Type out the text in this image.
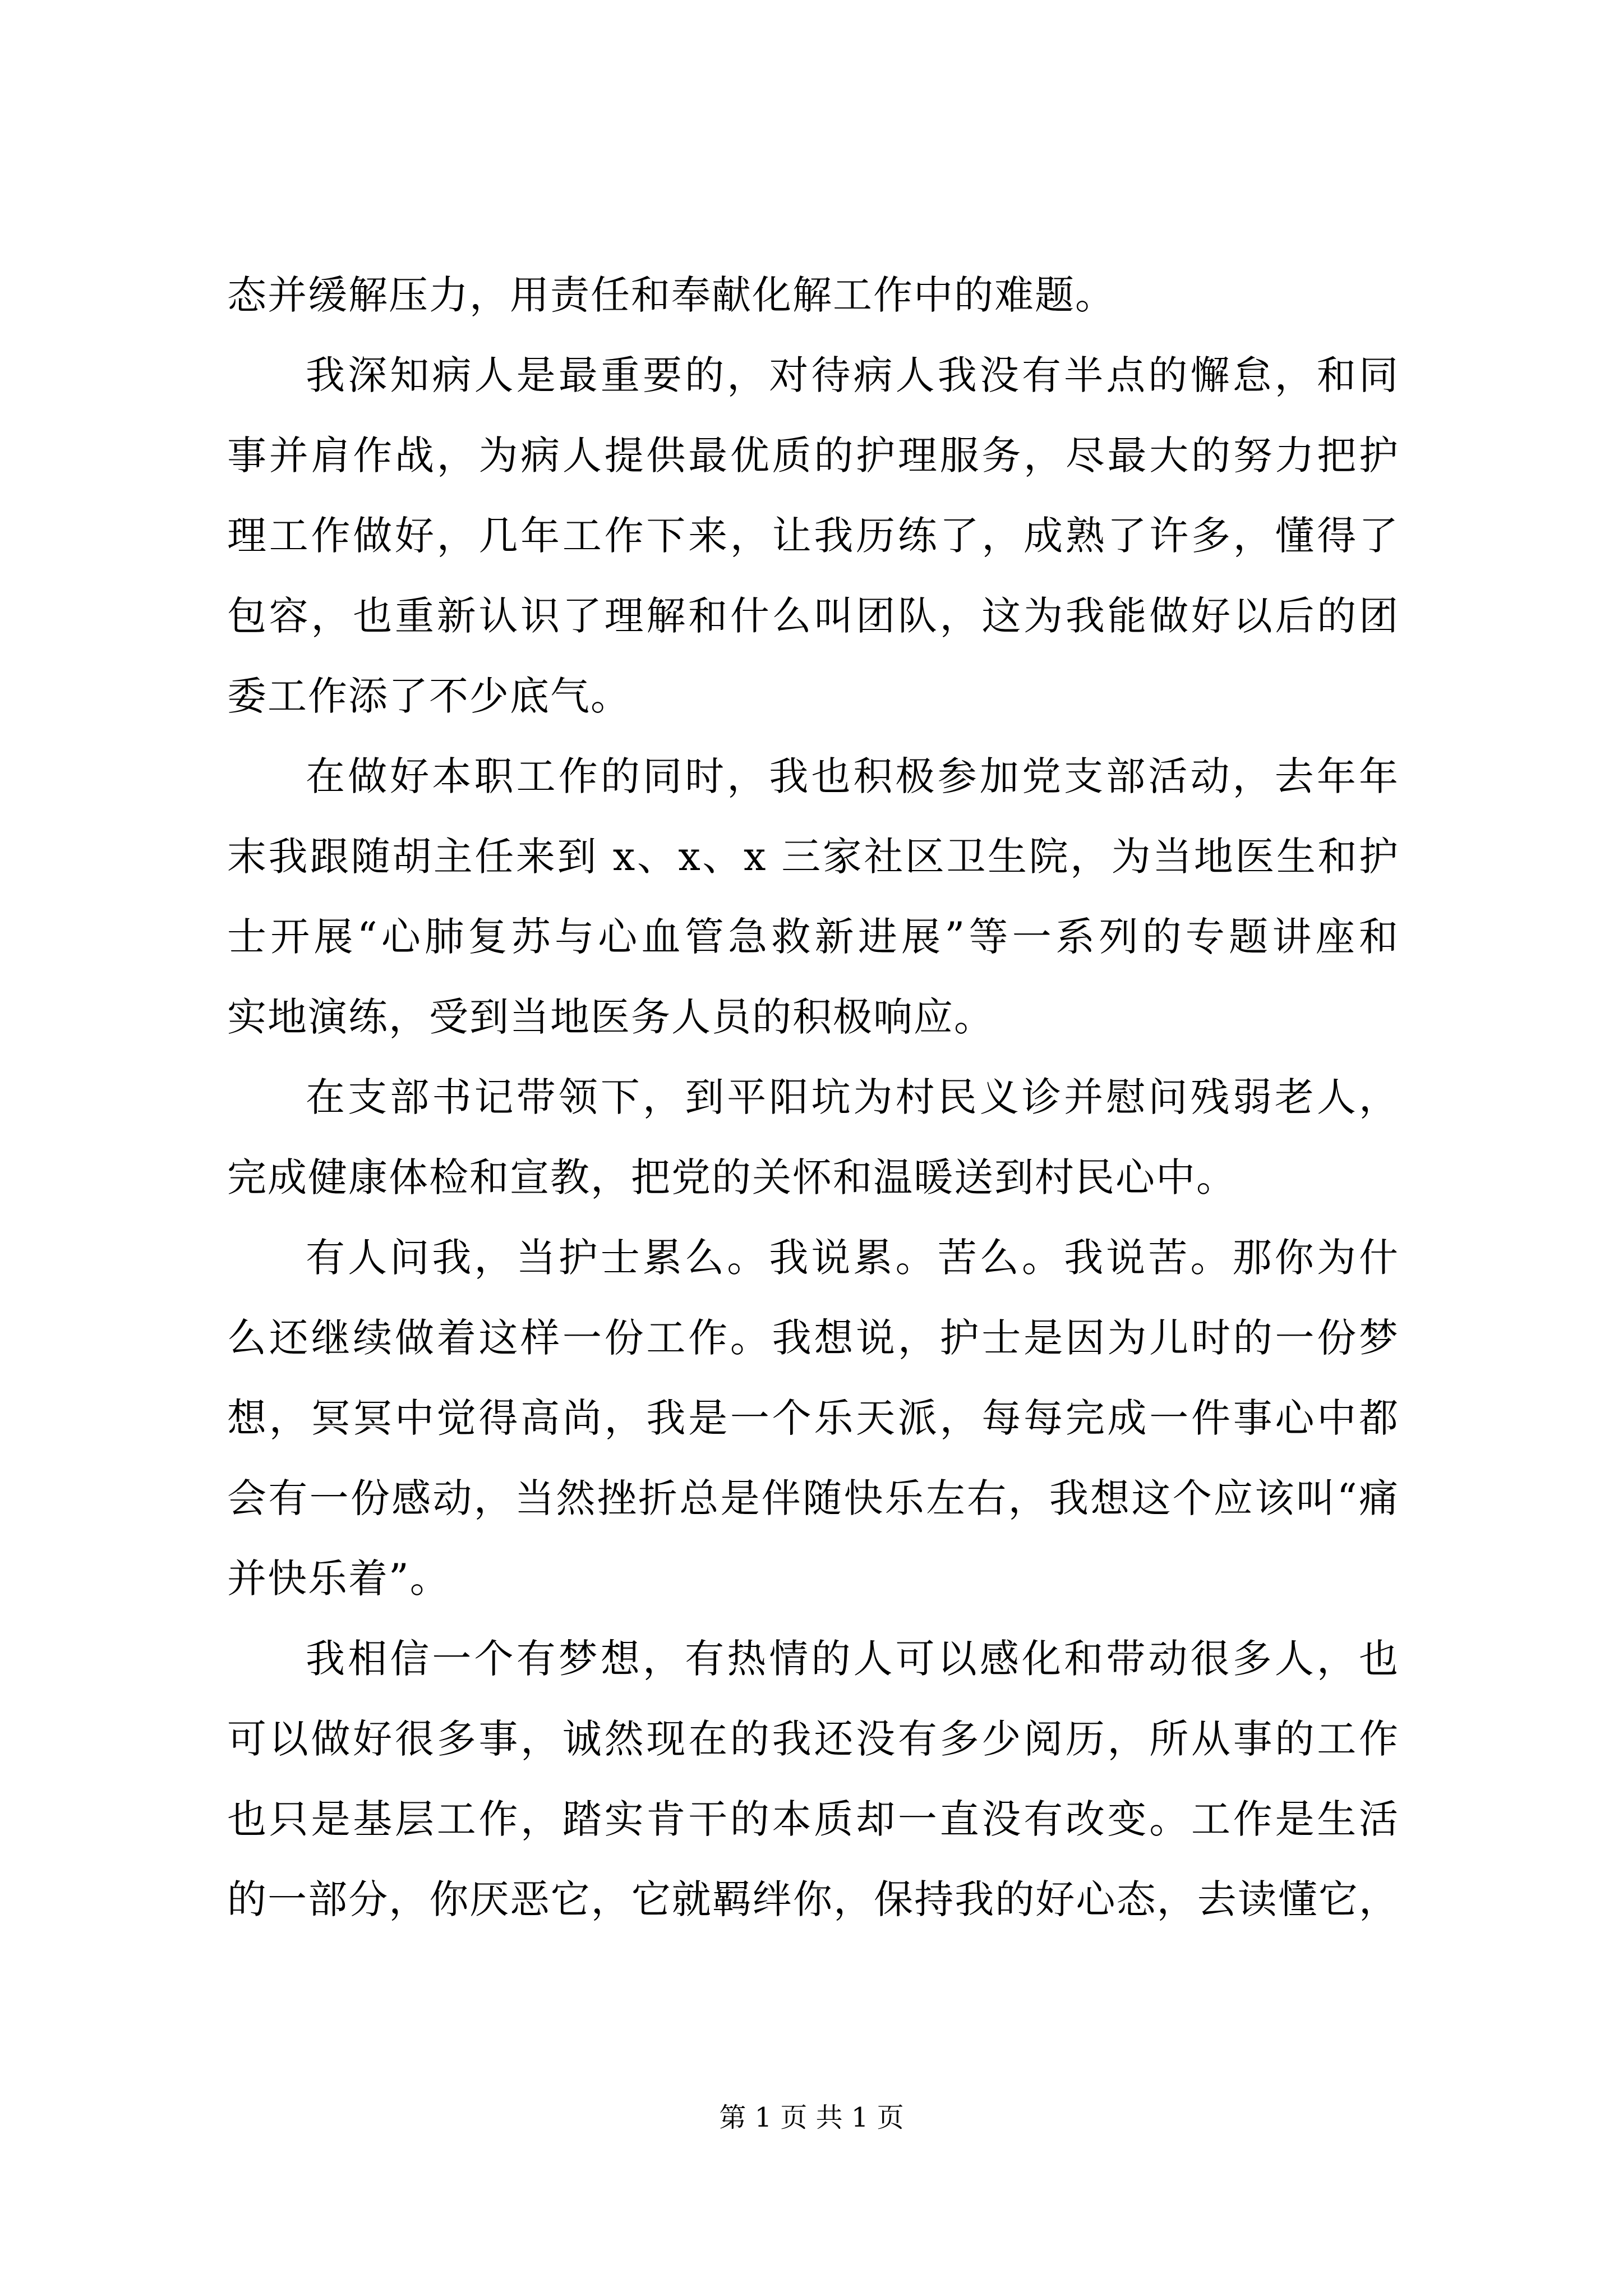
态并缓解压力，用责任和奉献化解工作中的难题。
我深知病人是最重要的，对待病人我没有半点的懈怠，和同
事并肩作战，为病人提供最优质的护理服务，尽最大的努力把护
理工作做好，几年工作下来，让我历练了，成熟了许多，懂得了
包容，也重新认识了理解和什么叫团队，这为我能做好以后的团
委工作添了不少底气。
在做好本职工作的同时，我也积极参加党支部活动，去年年
末我跟随胡主任来到 x、x、x 三家社区卫生院，为当地医生和护
士开展“心肺复苏与心血管急救新进展”等一系列的专题讲座和
实地演练，受到当地医务人员的积极响应。
在支部书记带领下，到平阳坑为村民义诊并慰问残弱老人，
完成健康体检和宣教，把党的关怀和温暖送到村民心中。
有人问我，当护士累么。我说累。苦么。我说苦。那你为什
么还继续做着这样一份工作。我想说，护士是因为儿时的一份梦
想，冥冥中觉得高尚，我是一个乐天派，每每完成一件事心中都
会有一份感动，当然挫折总是伴随快乐左右，我想这个应该叫“痛
并快乐着”。
我相信一个有梦想，有热情的人可以感化和带动很多人，也
可以做好很多事，诚然现在的我还没有多少阅历，所从事的工作
也只是基层工作，踏实肯干的本质却一直没有改变。工作是生活
的一部分，你厌恶它，它就羁绊你，保持我的好心态，去读懂它，
第 1 页 共 1 页
